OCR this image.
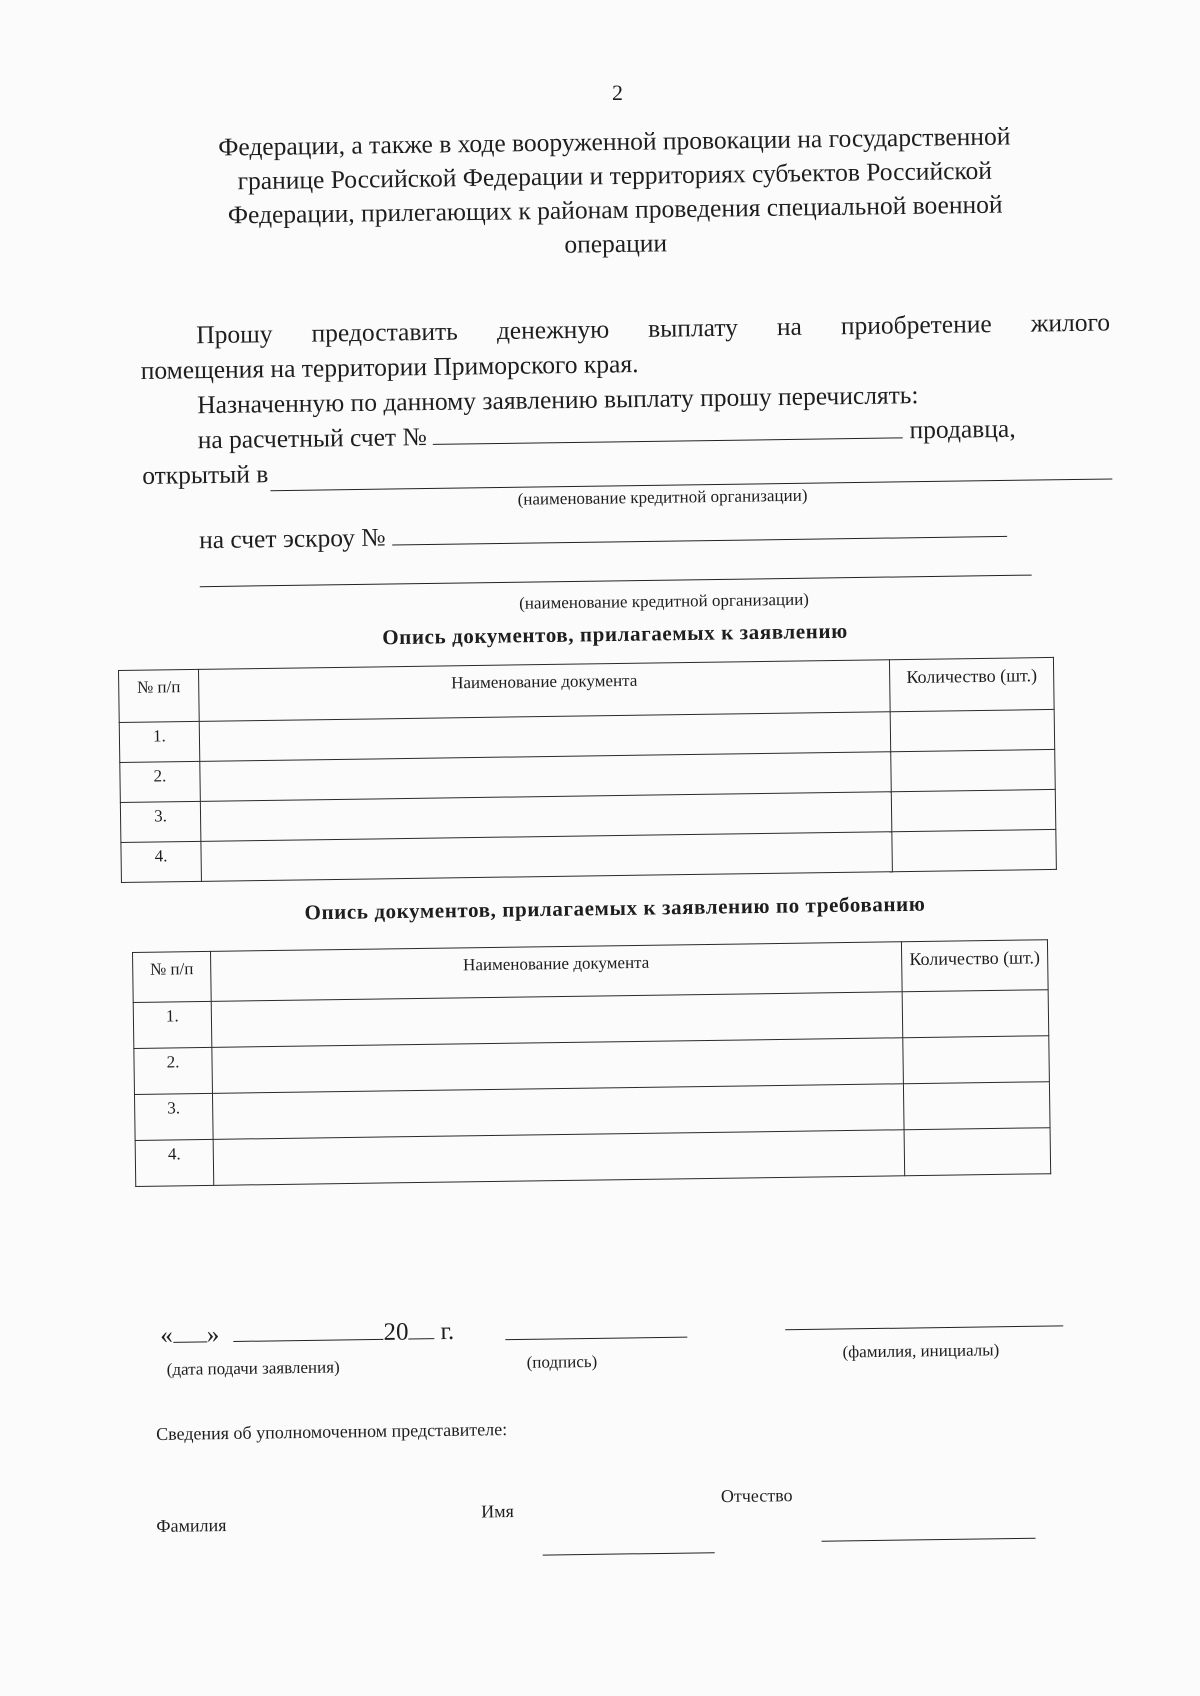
2
Федерации, а также в ходе вооруженной провокации на государственной
границе Российской Федерации и территориях субъектов Российской
Федерации, прилегающих к районам проведения специальной военной
операции
Прошу предоставить денежную выплату на приобретение жилого
помещения на территории Приморского края.
Назначенную по данному заявлению выплату прошу перечислять:
на расчетный счет №	продавца,
открытый в
(наименование кредитной организации)
на счет эскроу №
(наименование кредитной организации)
Опись документов, прилагаемых к заявлению
№ п/п	Наименование документа	Количество (шт.)
1.		
2.		
3.		
4.		
Опись документов, прилагаемых к заявлению по требованию
№ п/п	Наименование документа	Количество (шт.)
1.		
2.		
3.		
4.		
« »	20 г.
(дата подачи заявления)	(подпись)
(фамилия, инициалы)
Сведения об уполномоченном представителе:
Фамилия
Имя
Отчество
